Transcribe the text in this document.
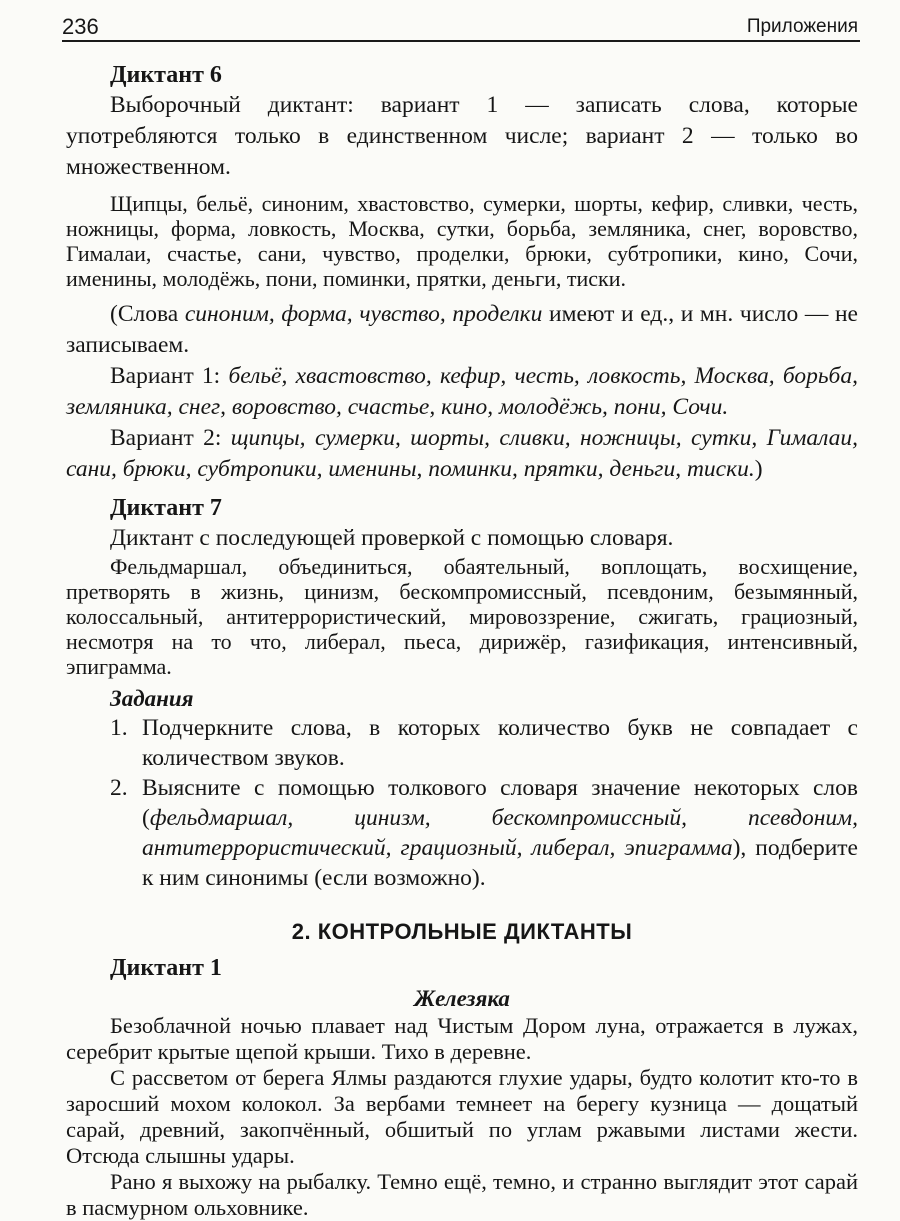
236	Приложения

Диктант 6

Выборочный диктант: вариант 1 — записать слова, которые употребляются только в единственном числе; вариант 2 — только во множественном.

Щипцы, бельё, синоним, хвастовство, сумерки, шорты, кефир, сливки, честь, ножницы, форма, ловкость, Москва, сутки, борьба, земляника, снег, воровство, Гималаи, счастье, сани, чувство, проделки, брюки, субтропики, кино, Сочи, именины, молодёжь, пони, поминки, прятки, деньги, тиски.

(Слова синоним, форма, чувство, проделки имеют и ед., и мн. число — не записываем.

Вариант 1: бельё, хвастовство, кефир, честь, ловкость, Москва, борьба, земляника, снег, воровство, счастье, кино, молодёжь, пони, Сочи.

Вариант 2: щипцы, сумерки, шорты, сливки, ножницы, сутки, Гималаи, сани, брюки, субтропики, именины, поминки, прятки, деньги, тиски.)

Диктант 7

Диктант с последующей проверкой с помощью словаря.

Фельдмаршал, объединиться, обаятельный, воплощать, восхищение, претворять в жизнь, цинизм, бескомпромиссный, псевдоним, безымянный, колоссальный, антитеррористический, мировоззрение, сжигать, грациозный, несмотря на то что, либерал, пьеса, дирижёр, газификация, интенсивный, эпиграмма.

Задания

1. Подчеркните слова, в которых количество букв не совпадает с количеством звуков.
2. Выясните с помощью толкового словаря значение некоторых слов (фельдмаршал, цинизм, бескомпромиссный, псевдоним, антитеррористический, грациозный, либерал, эпиграмма), подберите к ним синонимы (если возможно).

2. КОНТРОЛЬНЫЕ ДИКТАНТЫ

Диктант 1

Железяка

Безоблачной ночью плавает над Чистым Дором луна, отражается в лужах, серебрит крытые щепой крыши. Тихо в деревне.

С рассветом от берега Ялмы раздаются глухие удары, будто колотит кто-то в заросший мохом колокол. За вербами темнеет на берегу кузница — дощатый сарай, древний, закопчённый, обшитый по углам ржавыми листами жести. Отсюда слышны удары.

Рано я выхожу на рыбалку. Темно ещё, темно, и странно выглядит этот сарай в пасмурном ольховнике.
